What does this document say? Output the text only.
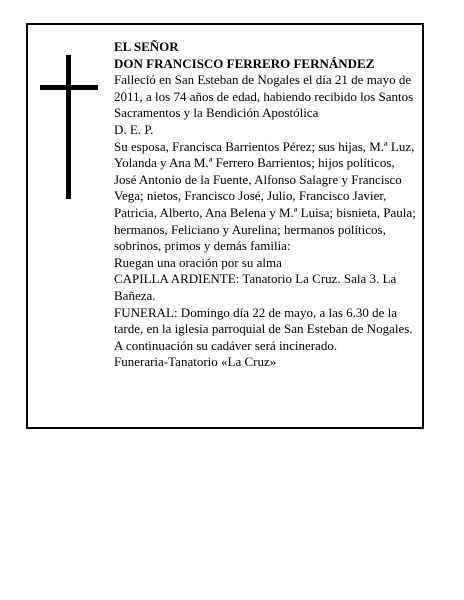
EL SEÑOR

DON FRANCISCO FERRERO FERNÁNDEZ

Falleció en San Esteban de Nogales el día 21 de mayo de 2011, a los 74 años de edad, habiendo recibido los Santos Sacramentos y la Bendición Apostólica

D. E. P.

Su esposa, Francisca Barrientos Pérez; sus hijas, M.ª Luz, Yolanda y Ana M.ª Ferrero Barrientos; hijos políticos, José Antonio de la Fuente, Alfonso Salagre y Francisco Vega; nietos, Francisco José, Julio, Francisco Javier, Patricia, Alberto, Ana Belena y M.ª Luisa; bisnieta, Paula; hermanos, Feliciano y Aurelina; hermanos políticos, sobrinos, primos y demás familia:

Ruegan una oración por su alma

CAPILLA ARDIENTE: Tanatorio La Cruz. Sala 3. La Bañeza.

FUNERAL: Domingo día 22 de mayo, a las 6.30 de la tarde, en la iglesia parroquial de San Esteban de Nogales. A continuación su cadáver será incinerado.

Funeraria-Tanatorio «La Cruz»
